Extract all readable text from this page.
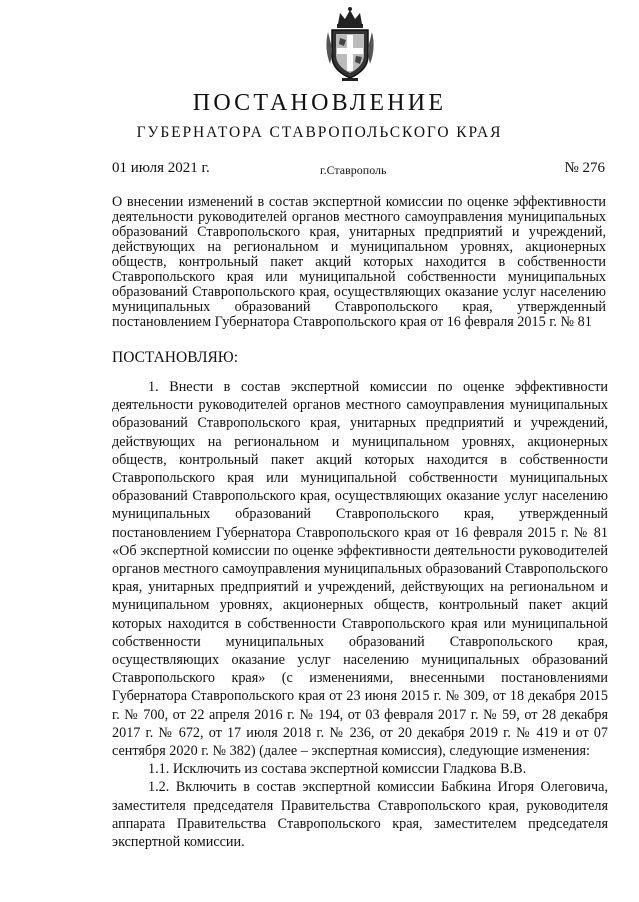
ПОСТАНОВЛЕНИЕ
ГУБЕРНАТОРА СТАВРОПОЛЬСКОГО КРАЯ
01 июля 2021 г.	г.Ставрополь	№ 276

О внесении изменений в состав экспертной комиссии по оценке эффективности деятельности руководителей органов местного самоуправления муниципальных образований Ставропольского края, унитарных предприятий и учреждений, действующих на региональном и муниципальном уровнях, акционерных обществ, контрольный пакет акций которых находится в собственности Ставропольского края или муниципальной собственности муниципальных образований Ставропольского края, осуществляющих оказание услуг населению муниципальных образований Ставропольского края, утвержденный постановлением Губернатора Ставропольского края от 16 февраля 2015 г. № 81

ПОСТАНОВЛЯЮ:

1. Внести в состав экспертной комиссии по оценке эффективности деятельности руководителей органов местного самоуправления муниципальных образований Ставропольского края, унитарных предприятий и учреждений, действующих на региональном и муниципальном уровнях, акционерных обществ, контрольный пакет акций которых находится в собственности Ставропольского края или муниципальной собственности муниципальных образований Ставропольского края, осуществляющих оказание услуг населению муниципальных образований Ставропольского края, утвержденный постановлением Губернатора Ставропольского края от 16 февраля 2015 г. № 81 «Об экспертной комиссии по оценке эффективности деятельности руководителей органов местного самоуправления муниципальных образований Ставропольского края, унитарных предприятий и учреждений, действующих на региональном и муниципальном уровнях, акционерных обществ, контрольный пакет акций которых находится в собственности Ставропольского края или муниципальной собственности муниципальных образований Ставропольского края, осуществляющих оказание услуг населению муниципальных образований Ставропольского края» (с изменениями, внесенными постановлениями Губернатора Ставропольского края от 23 июня 2015 г. № 309, от 18 декабря 2015 г. № 700, от 22 апреля 2016 г. № 194, от 03 февраля 2017 г. № 59, от 28 декабря 2017 г. № 672, от 17 июля 2018 г. № 236, от 20 декабря 2019 г. № 419 и от 07 сентября 2020 г. № 382) (далее – экспертная комиссия), следующие изменения:

1.1. Исключить из состава экспертной комиссии Гладкова В.В.

1.2. Включить в состав экспертной комиссии Бабкина Игоря Олеговича, заместителя председателя Правительства Ставропольского края, руководителя аппарата Правительства Ставропольского края, заместителем председателя экспертной комиссии.
